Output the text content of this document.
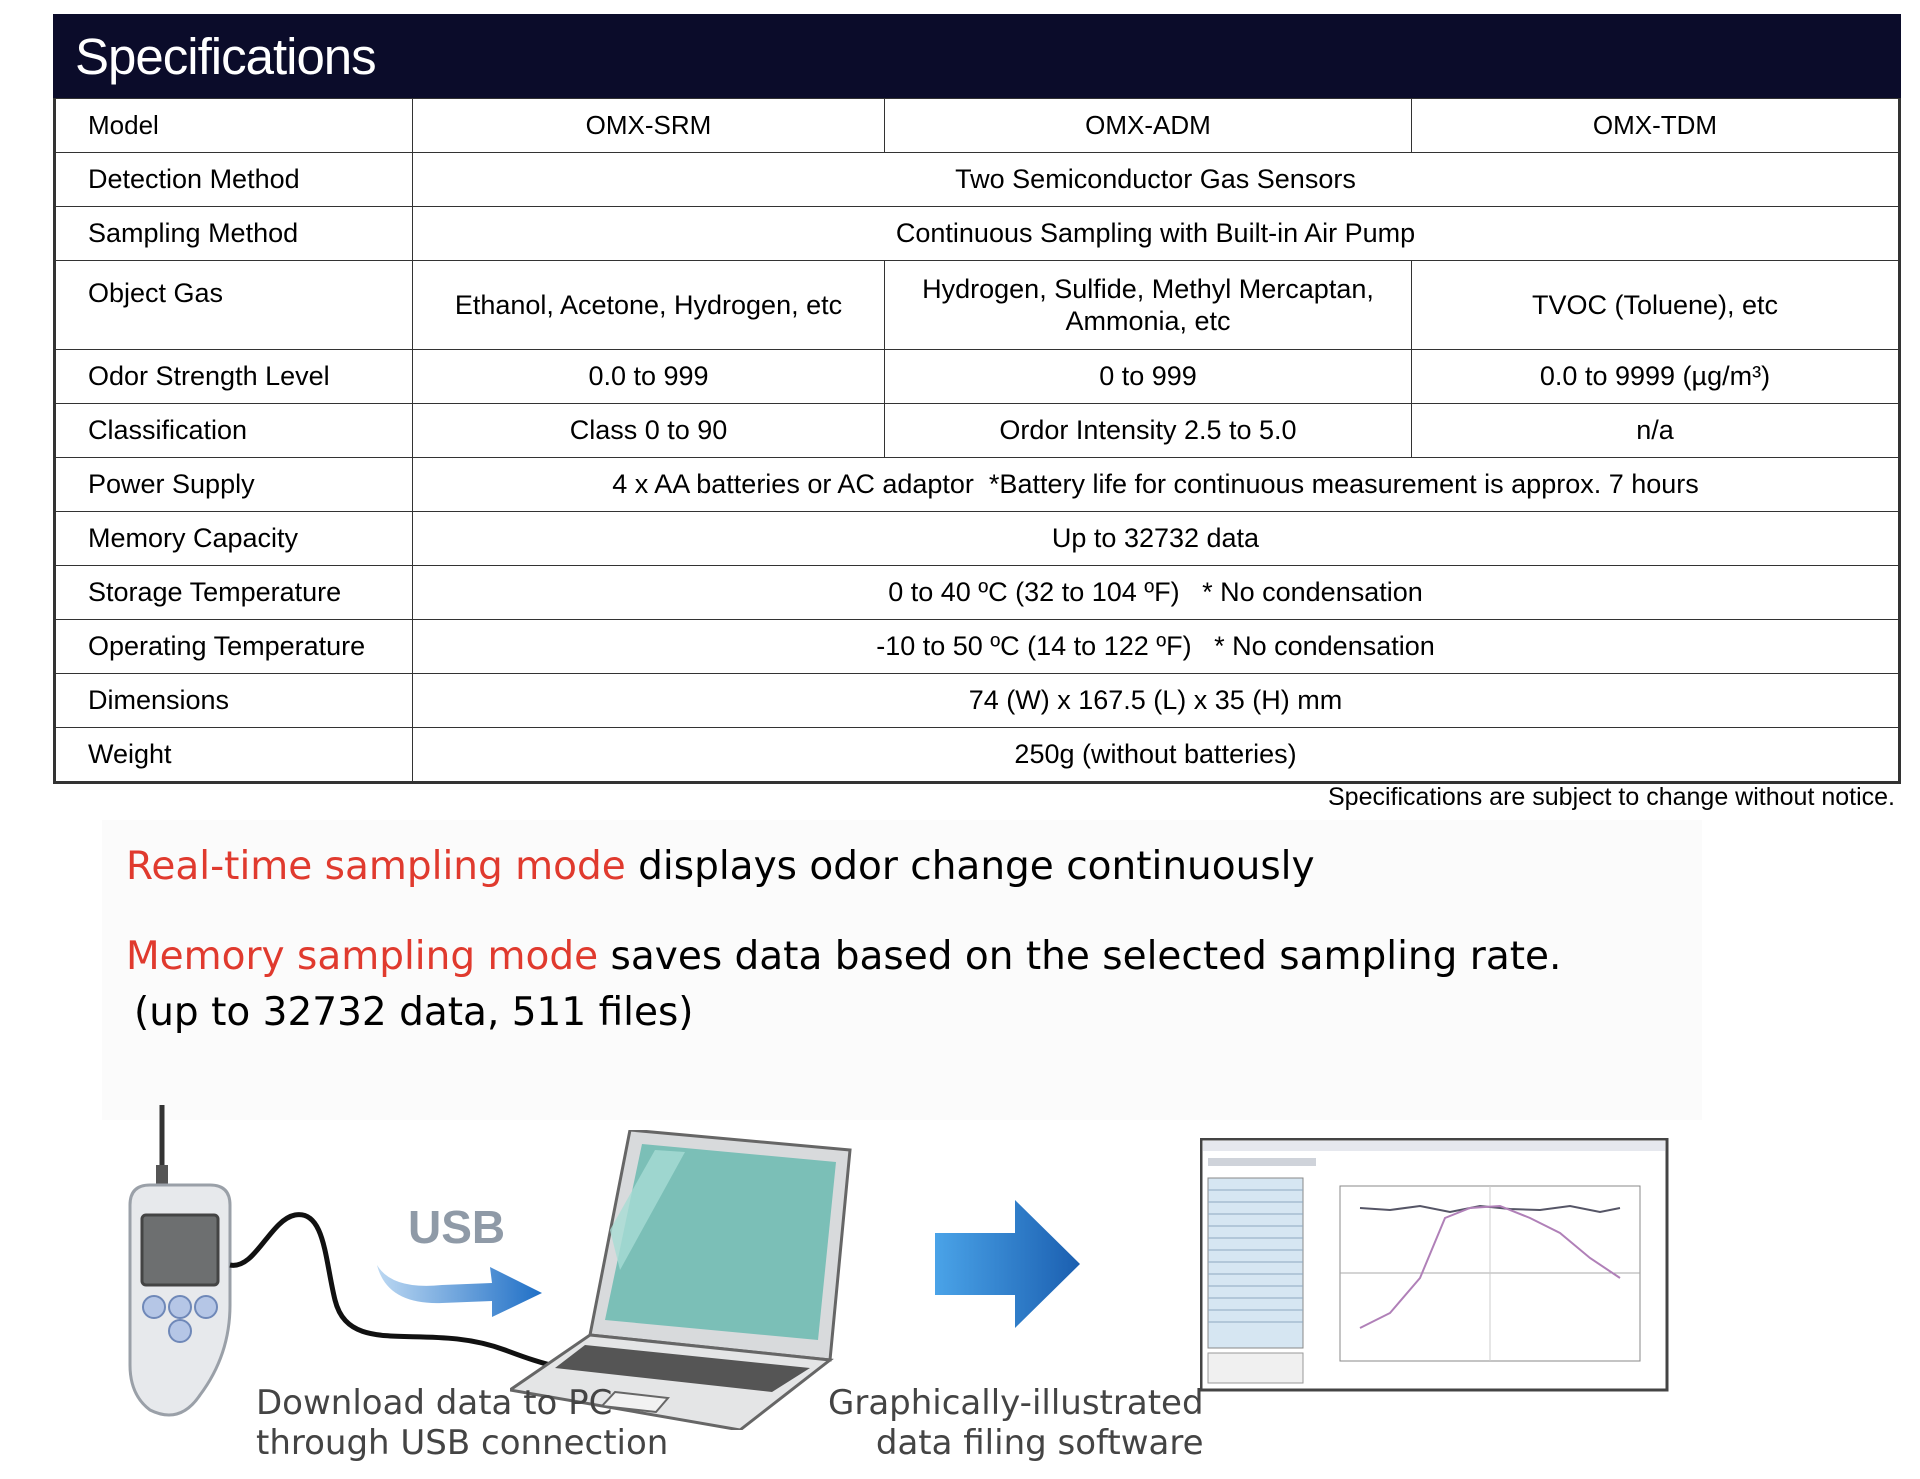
Specifications
Model	OMX-SRM	OMX-ADM	OMX-TDM
Detection Method	Two Semiconductor Gas Sensors		
Sampling Method	Continuous Sampling with Built-in Air Pump		
Object Gas	Ethanol, Acetone, Hydrogen, etc	Hydrogen, Sulfide, Methyl Mercaptan, Ammonia, etc	TVOC (Toluene), etc
Odor Strength Level	0.0 to 999	0 to 999	0.0 to 9999 (µg/m³)
Classification	Class 0 to 90	Ordor Intensity 2.5 to 5.0	n/a
Power Supply	4 x AA batteries or AC adaptor  *Battery life for continuous measurement is approx. 7 hours		
Memory Capacity	Up to 32732 data		
Storage Temperature	0 to 40 ºC (32 to 104 ºF)   * No condensation		
Operating Temperature	-10 to 50 ºC (14 to 122 ºF)   * No condensation		
Dimensions	74 (W) x 167.5 (L) x 35 (H) mm		
Weight	250g (without batteries)		
Specifications are subject to change without notice.
Real-time sampling mode displays odor change continuously
Memory sampling mode saves data based on the selected sampling rate.
(up to 32732 data, 511 files)
USB
Download data to PC
through USB connection
Graphically-illustrated
data filing software
